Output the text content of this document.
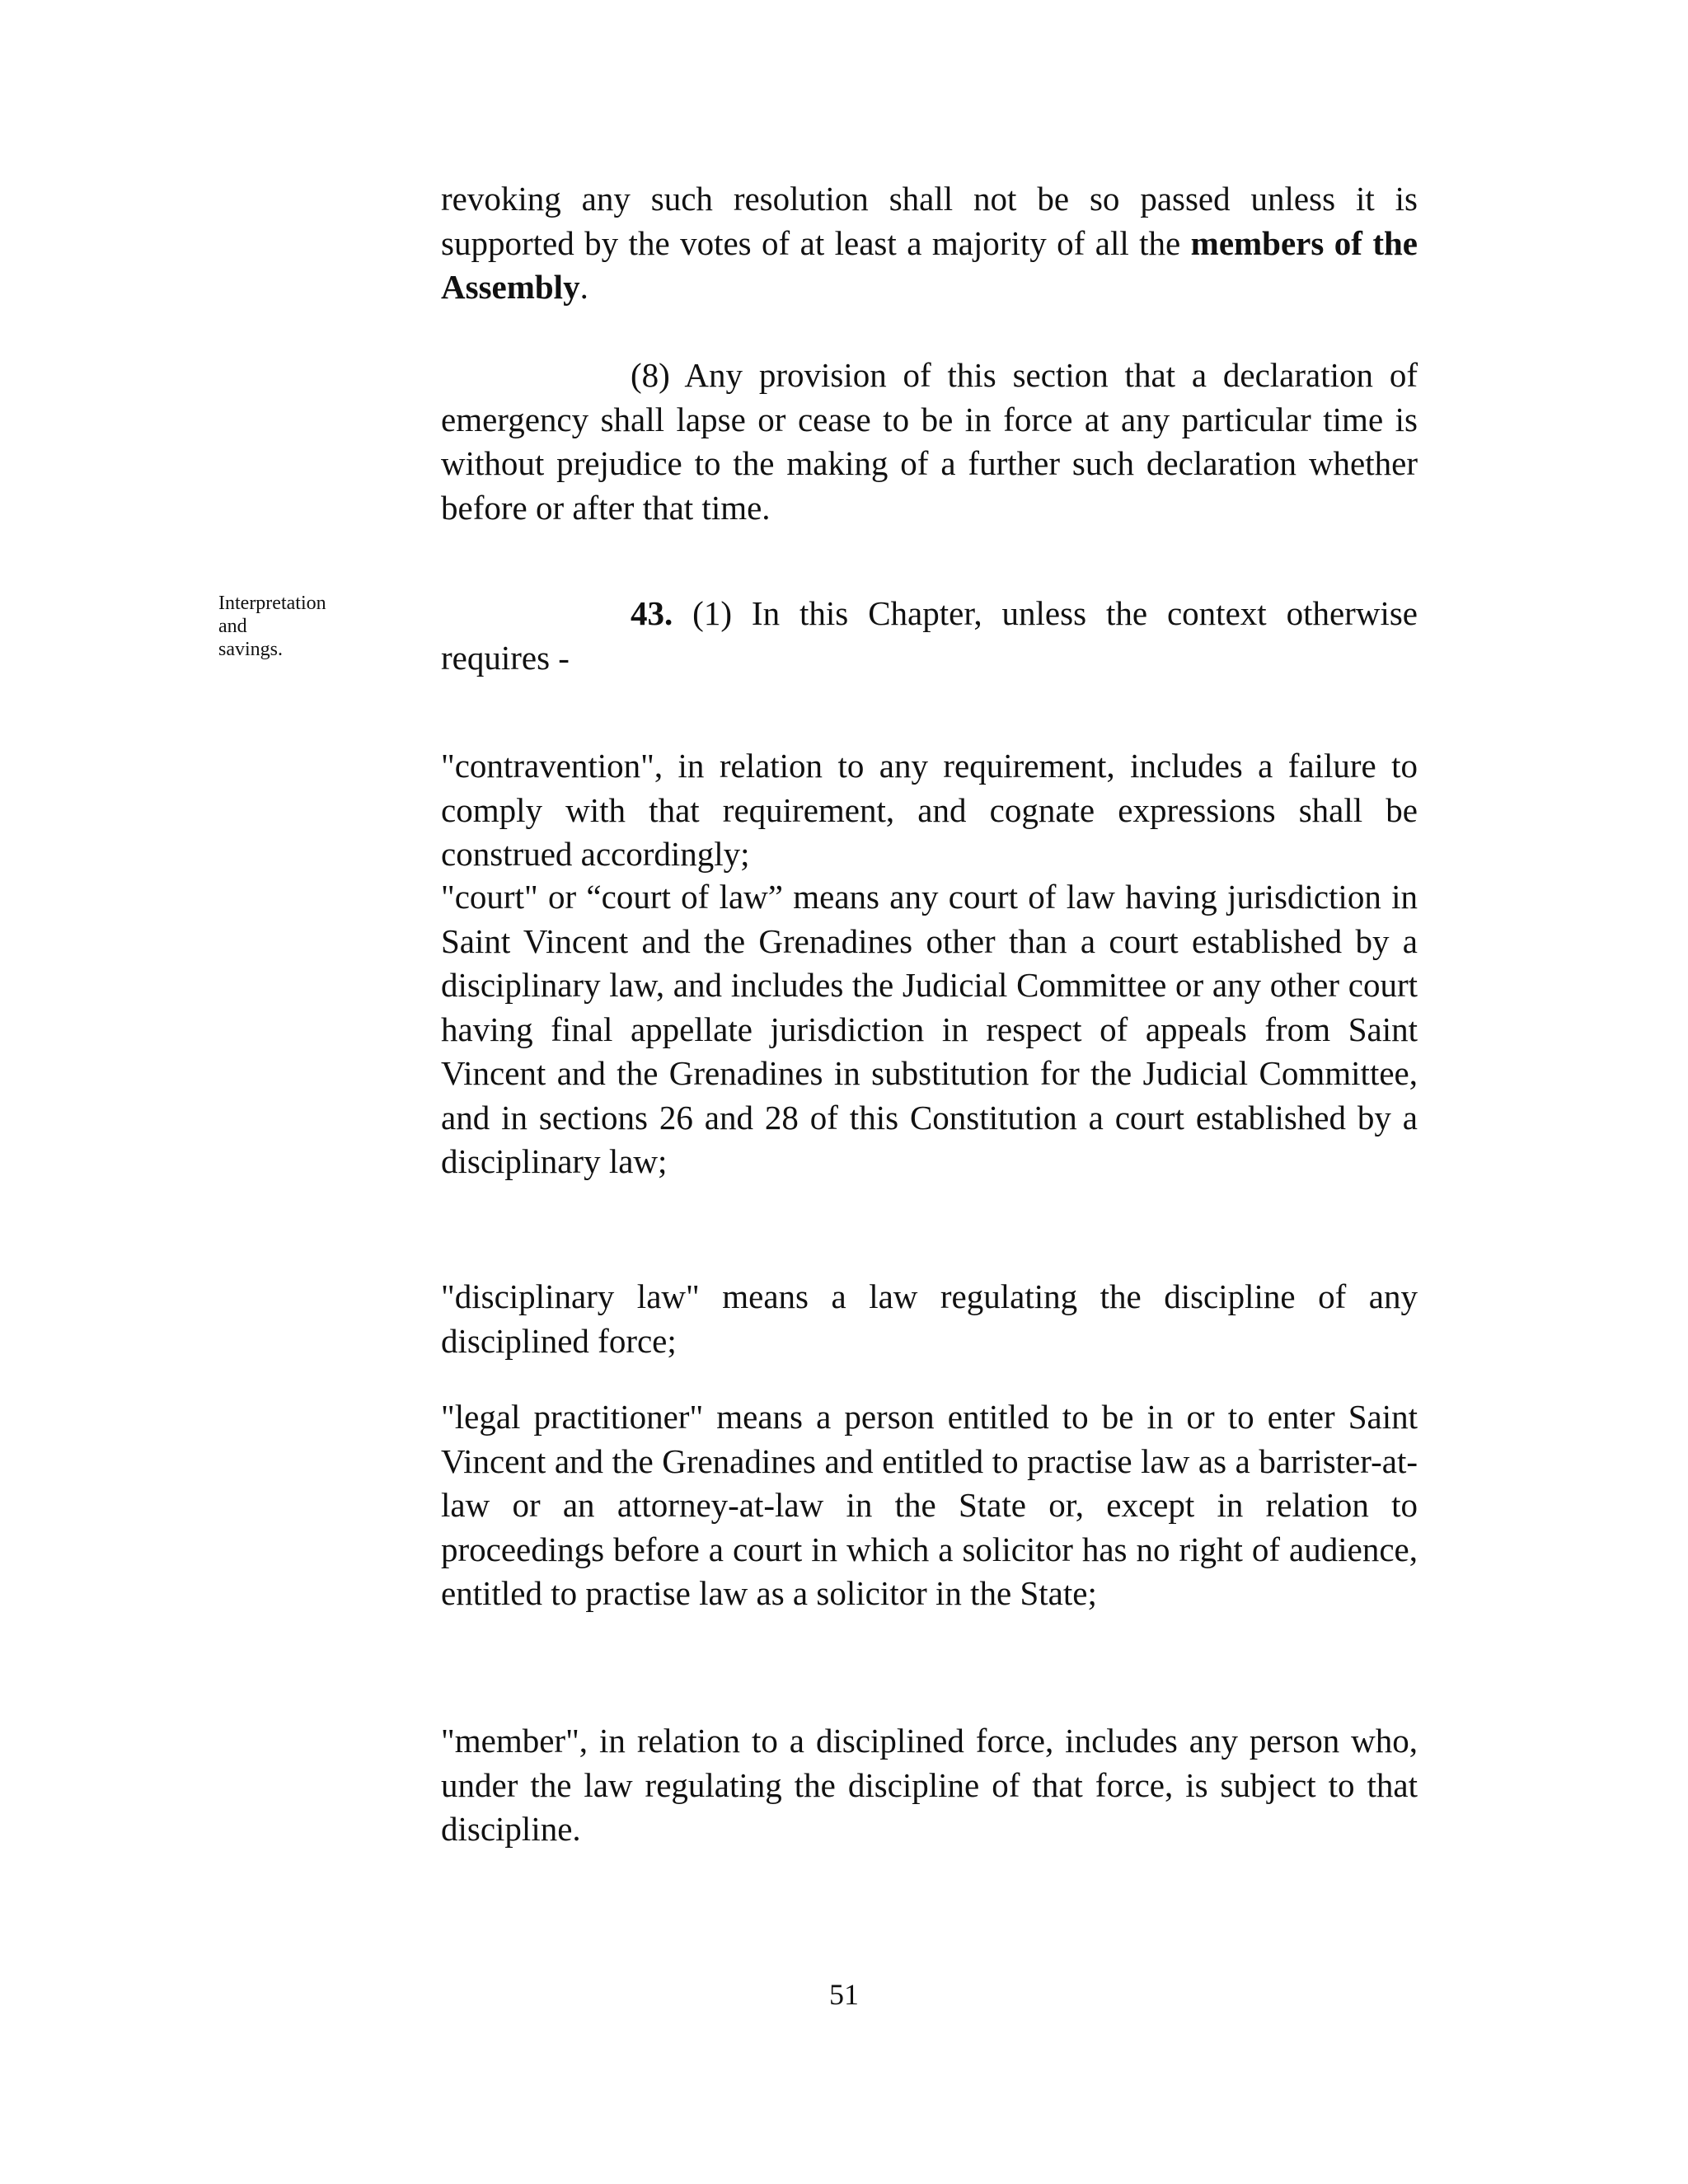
revoking any such resolution shall not be so passed unless it is supported by the votes of at least a majority of all the members of the Assembly.

(8) Any provision of this section that a declaration of emergency shall lapse or cease to be in force at any particular time is without prejudice to the making of a further such declaration whether before or after that time.

Interpretation
and
savings.

43. (1) In this Chapter, unless the context otherwise requires -

"contravention", in relation to any requirement, includes a failure to comply with that requirement, and cognate expressions shall be construed accordingly;

"court" or “court of law” means any court of law having jurisdiction in Saint Vincent and the Grenadines other than a court established by a disciplinary law, and includes the Judicial Committee or any other court having final appellate jurisdiction in respect of appeals from Saint Vincent and the Grenadines in substitution for the Judicial Committee, and in sections 26 and 28 of this Constitution a court established by a disciplinary law;

"disciplinary law" means a law regulating the discipline of any disciplined force;

"legal practitioner" means a person entitled to be in or to enter Saint Vincent and the Grenadines and entitled to practise law as a barrister-at-law or an attorney-at-law in the State or, except in relation to proceedings before a court in which a solicitor has no right of audience, entitled to practise law as a solicitor in the State;

"member", in relation to a disciplined force, includes any person who, under the law regulating the discipline of that force, is subject to that discipline.

51
